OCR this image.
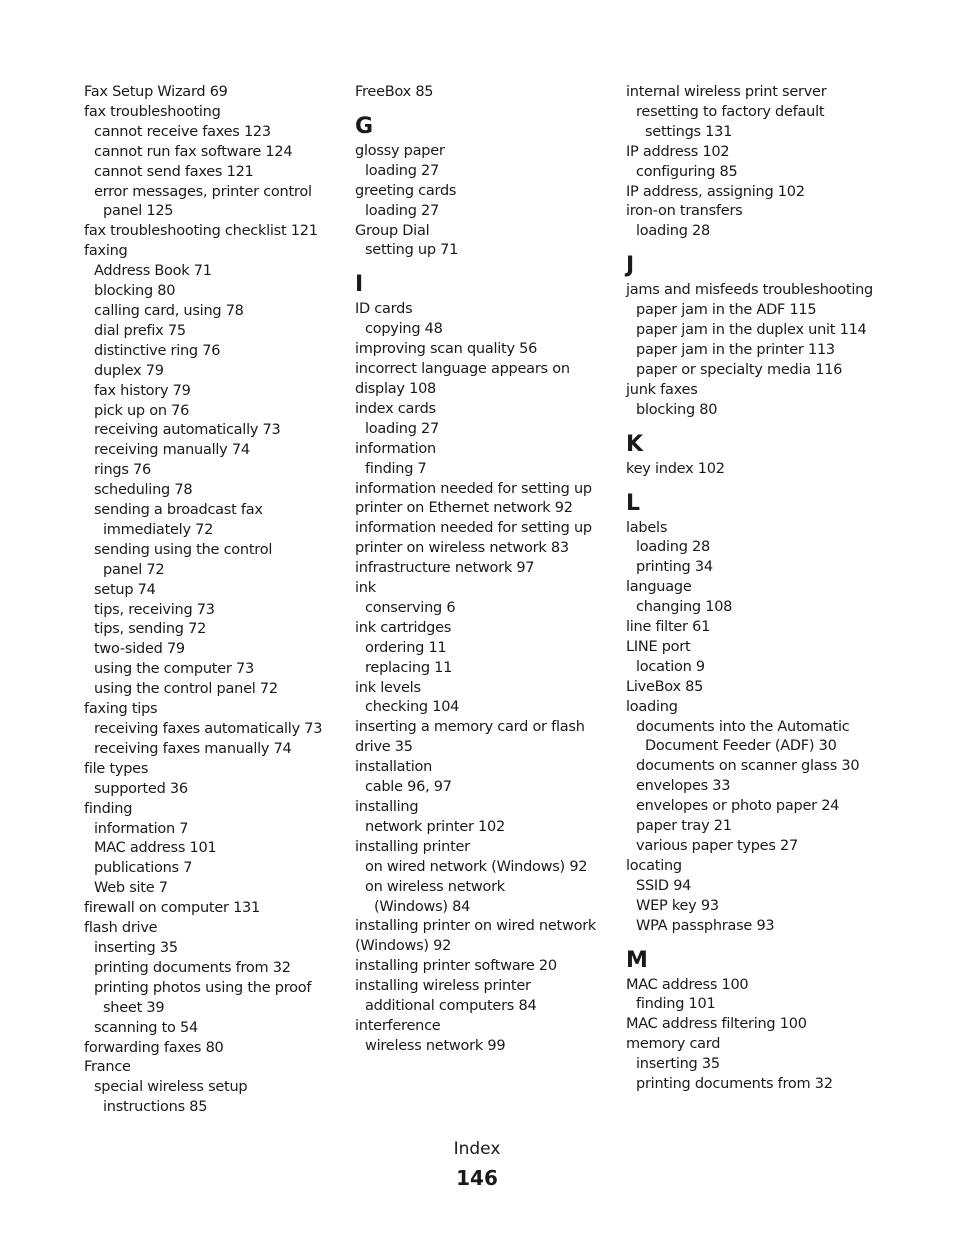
Fax Setup Wizard 69
fax troubleshooting
cannot receive faxes 123
cannot run fax software 124
cannot send faxes 121
error messages, printer control
panel 125
fax troubleshooting checklist 121
faxing
Address Book 71
blocking 80
calling card, using 78
dial prefix 75
distinctive ring 76
duplex 79
fax history 79
pick up on 76
receiving automatically 73
receiving manually 74
rings 76
scheduling 78
sending a broadcast fax
immediately 72
sending using the control
panel 72
setup 74
tips, receiving 73
tips, sending 72
two-sided 79
using the computer 73
using the control panel 72
faxing tips
receiving faxes automatically 73
receiving faxes manually 74
file types
supported 36
finding
information 7
MAC address 101
publications 7
Web site 7
firewall on computer 131
flash drive
inserting 35
printing documents from 32
printing photos using the proof
sheet 39
scanning to 54
forwarding faxes 80
France
special wireless setup
instructions 85
FreeBox 85
G
glossy paper
loading 27
greeting cards
loading 27
Group Dial
setting up 71
I
ID cards
copying 48
improving scan quality 56
incorrect language appears on
display 108
index cards
loading 27
information
finding 7
information needed for setting up
printer on Ethernet network 92
information needed for setting up
printer on wireless network 83
infrastructure network 97
ink
conserving 6
ink cartridges
ordering 11
replacing 11
ink levels
checking 104
inserting a memory card or flash
drive 35
installation
cable 96, 97
installing
network printer 102
installing printer
on wired network (Windows) 92
on wireless network
(Windows) 84
installing printer on wired network
(Windows) 92
installing printer software 20
installing wireless printer
additional computers 84
interference
wireless network 99
internal wireless print server
resetting to factory default
settings 131
IP address 102
configuring 85
IP address, assigning 102
iron-on transfers
loading 28
J
jams and misfeeds troubleshooting
paper jam in the ADF 115
paper jam in the duplex unit 114
paper jam in the printer 113
paper or specialty media 116
junk faxes
blocking 80
K
key index 102
L
labels
loading 28
printing 34
language
changing 108
line filter 61
LINE port
location 9
LiveBox 85
loading
documents into the Automatic
Document Feeder (ADF) 30
documents on scanner glass 30
envelopes 33
envelopes or photo paper 24
paper tray 21
various paper types 27
locating
SSID 94
WEP key 93
WPA passphrase 93
M
MAC address 100
finding 101
MAC address filtering 100
memory card
inserting 35
printing documents from 32
Index
146
